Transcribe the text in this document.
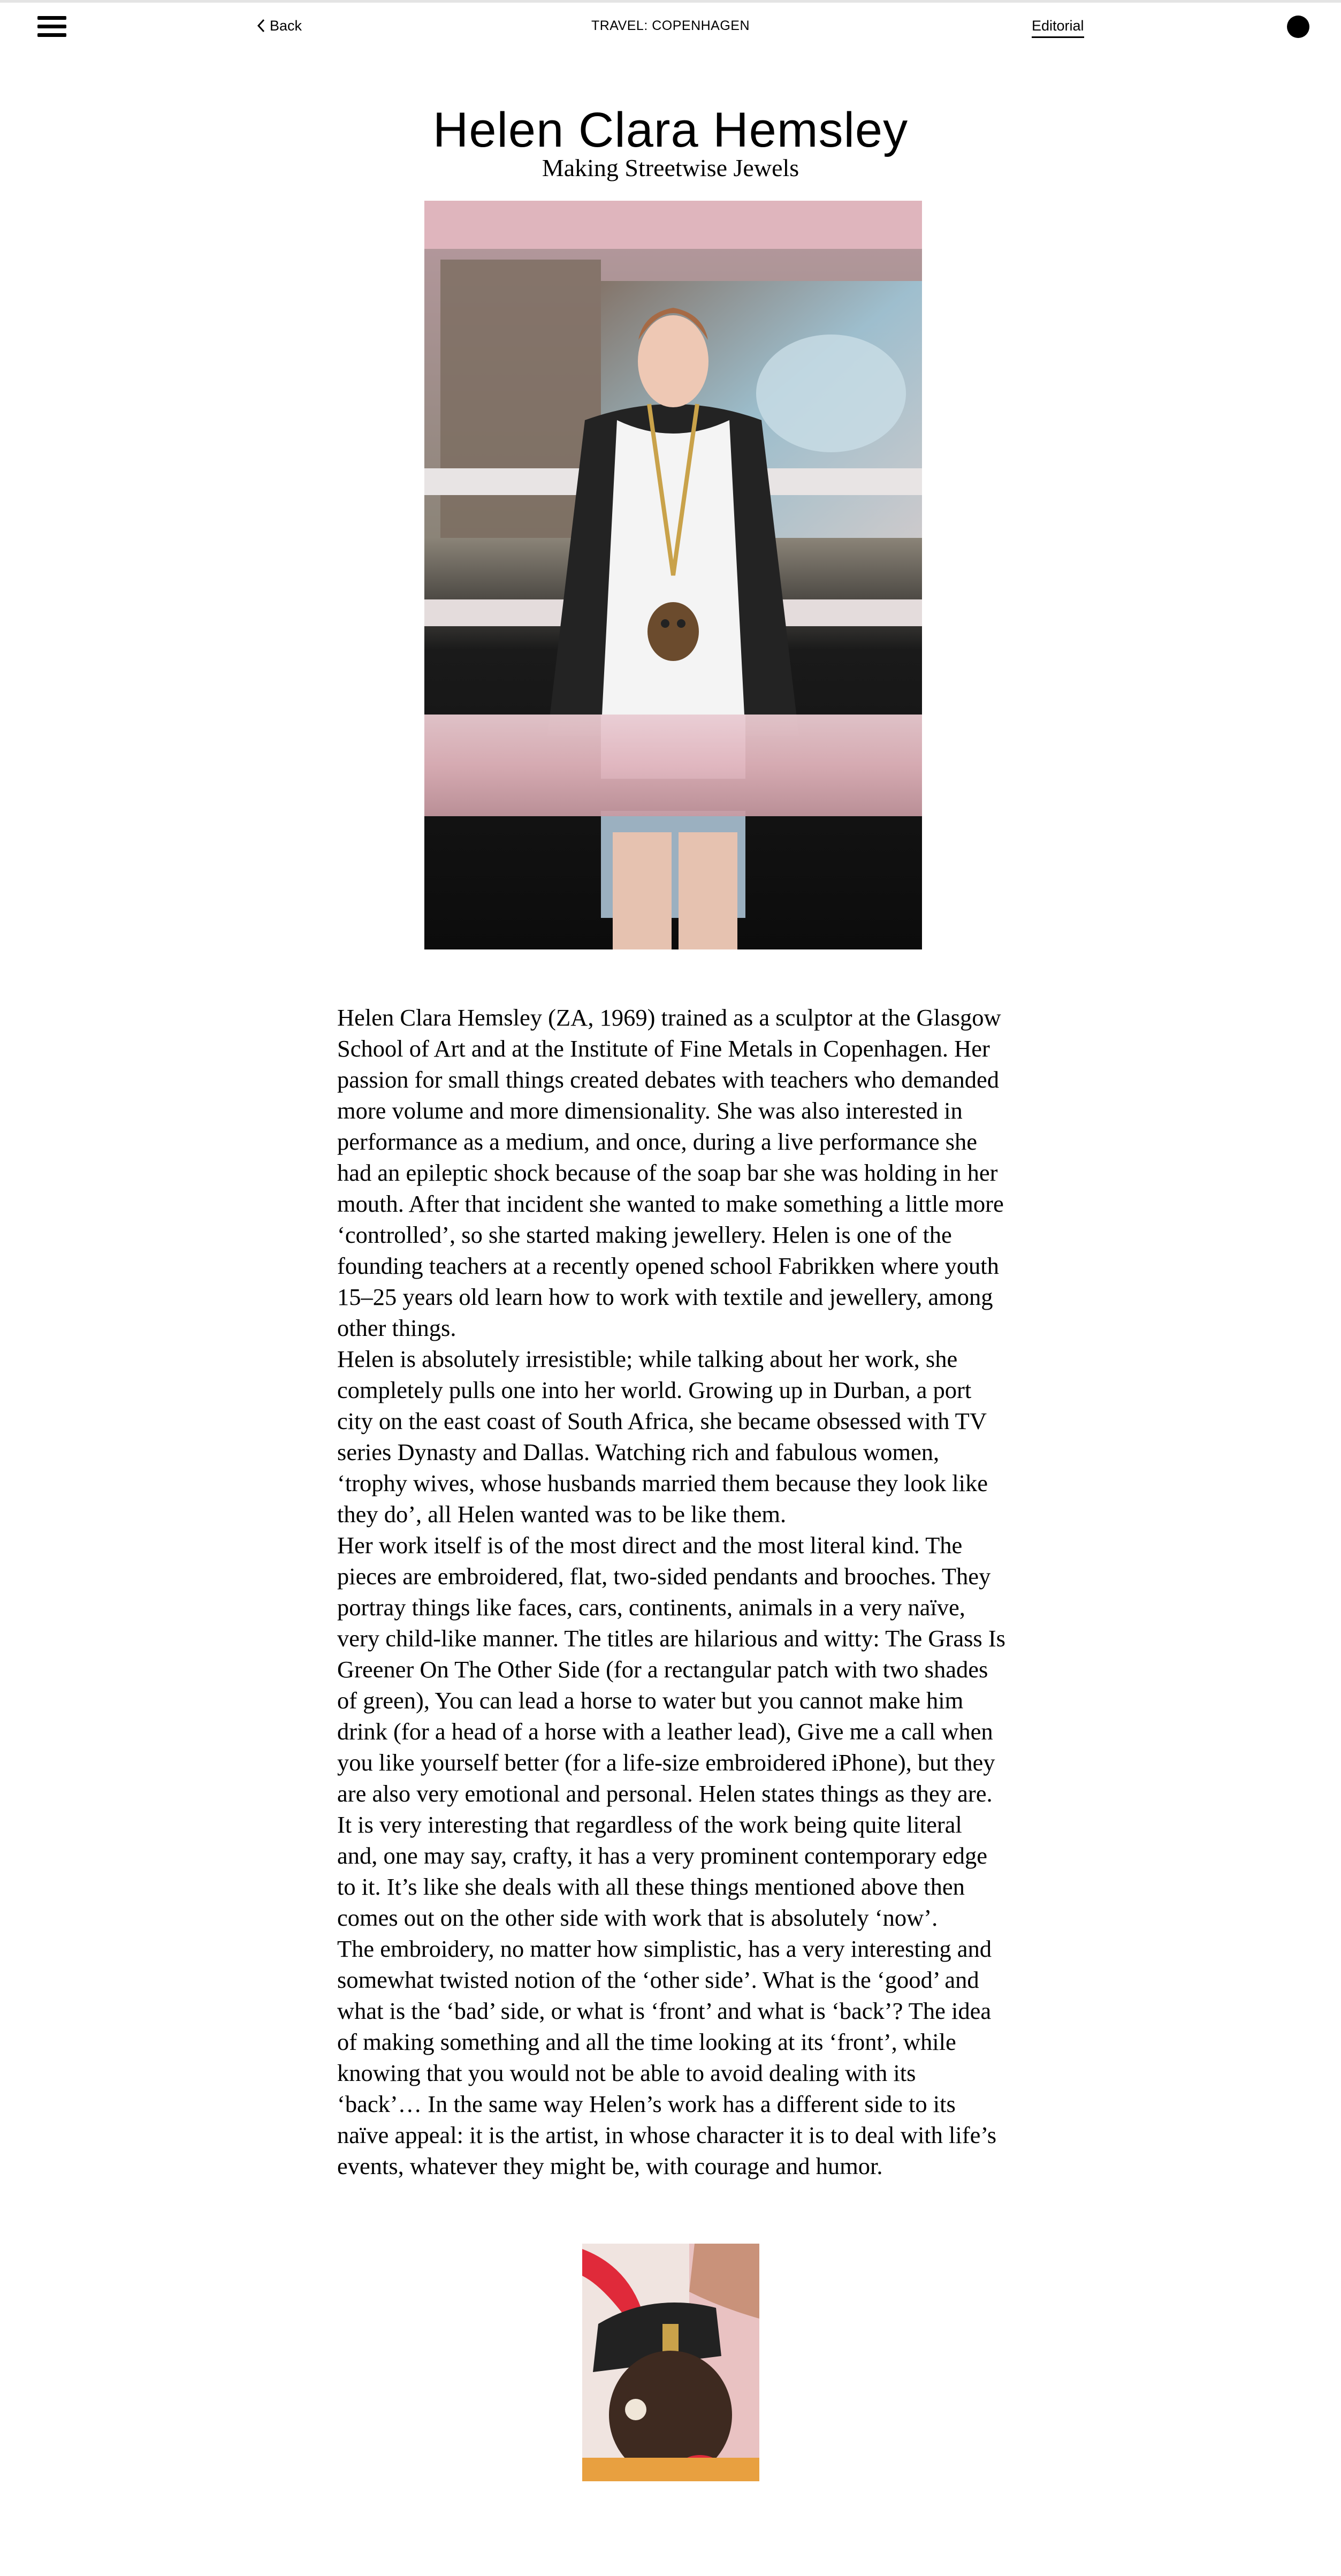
Back	TRAVEL: COPENHAGEN	Editorial
Helen Clara Hemsley
Making Streetwise Jewels

Helen Clara Hemsley (ZA, 1969) trained as a sculptor at the Glasgow School of Art and at the Institute of Fine Metals in Copenhagen. Her passion for small things created debates with teachers who demanded more volume and more dimensionality. She was also interested in performance as a medium, and once, during a live performance she had an epileptic shock because of the soap bar she was holding in her mouth. After that incident she wanted to make something a little more ‘controlled’, so she started making jewellery. Helen is one of the founding teachers at a recently opened school Fabrikken where youth 15–25 years old learn how to work with textile and jewellery, among other things.

Helen is absolutely irresistible; while talking about her work, she completely pulls one into her world. Growing up in Durban, a port city on the east coast of South Africa, she became obsessed with TV series Dynasty and Dallas. Watching rich and fabulous women, ‘trophy wives, whose husbands married them because they look like they do’, all Helen wanted was to be like them.

Her work itself is of the most direct and the most literal kind. The pieces are embroidered, flat, two-sided pendants and brooches. They portray things like faces, cars, continents, animals in a very naïve, very child-like manner. The titles are hilarious and witty: The Grass Is Greener On The Other Side (for a rectangular patch with two shades of green), You can lead a horse to water but you cannot make him drink (for a head of a horse with a leather lead), Give me a call when you like yourself better (for a life-size embroidered iPhone), but they are also very emotional and personal. Helen states things as they are. It is very interesting that regardless of the work being quite literal and, one may say, crafty, it has a very prominent contemporary edge to it. It’s like she deals with all these things mentioned above then comes out on the other side with work that is absolutely ‘now’.

The embroidery, no matter how simplistic, has a very interesting and somewhat twisted notion of the ‘other side’. What is the ‘good’ and what is the ‘bad’ side, or what is ‘front’ and what is ‘back’? The idea of making something and all the time looking at its ‘front’, while knowing that you would not be able to avoid dealing with its ‘back’… In the same way Helen’s work has a different side to its naïve appeal: it is the artist, in whose character it is to deal with life’s events, whatever they might be, with courage and humor.
